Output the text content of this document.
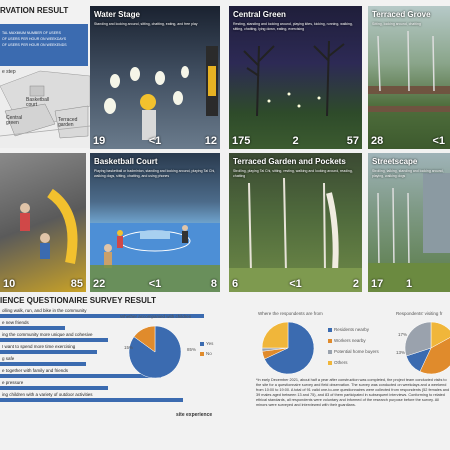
RVATION RESULT
TAL MAXIMUM NUMBER OF USERS
OF USERS PER HOUR ON WEEKDAYS
OF USERS PER HOUR ON WEEKENDS
e step
Basketball court
Central green	Terraced garden
Water Stage
Standing and looking around, sitting, chatting, eating, and free play
19	<1	12
Central Green
Resting, standing and looking around, playing kites, kicking, running, walking, sitting, chatting, lying down, eating, exercising
175	2	57
Terraced Grove
Sitting, looking around, chatting
28	<1
10	85
Basketball Court
Playing basketball or badminton, standing and looking around, playing Tai Chi, walking dogs, sitting, chatting, and using phones
22	<1	8
Terraced Garden and Pockets
Strolling, playing Tai Chi, sitting, resting, walking and looking around, reading, chatting
6	<1	2
Streetscape
Strolling, talking, standing and looking around, playing, walking dogs
17 1
IENCE QUESTIONAIRE SURVEY RESULT
olling walk, run, and bike in the community
e new friends
ing the community more unique and cohesive
I want to spend more time exercising
g safe
e together with family and friends
e pressure
ing children with a variety of outdoor activities
site experience
Whether accompanied with children
15%	85%
Yes
No
Where the respondents are from
Residents nearby
Workers nearby
Potential home buyers
Others
Respondents' visiting fr
17%
13%
*In early December 2021, about half a year after construction was completed, the project team conducted visits to the site for a questionnaire survey and field observation. The survey was conducted on weekdays and a weekend from 10:00 to 19:00. A total of 91 valid one-to-one questionnaires were collected from respondents (52 females and 39 males aged between 13 and 75), and 83 of them participated in subsequent interviews. Conforming to related ethical standards, all respondents were voluntary and informed of the research purpose before the survey. All minors were surveyed and interviewed with their guardians.
